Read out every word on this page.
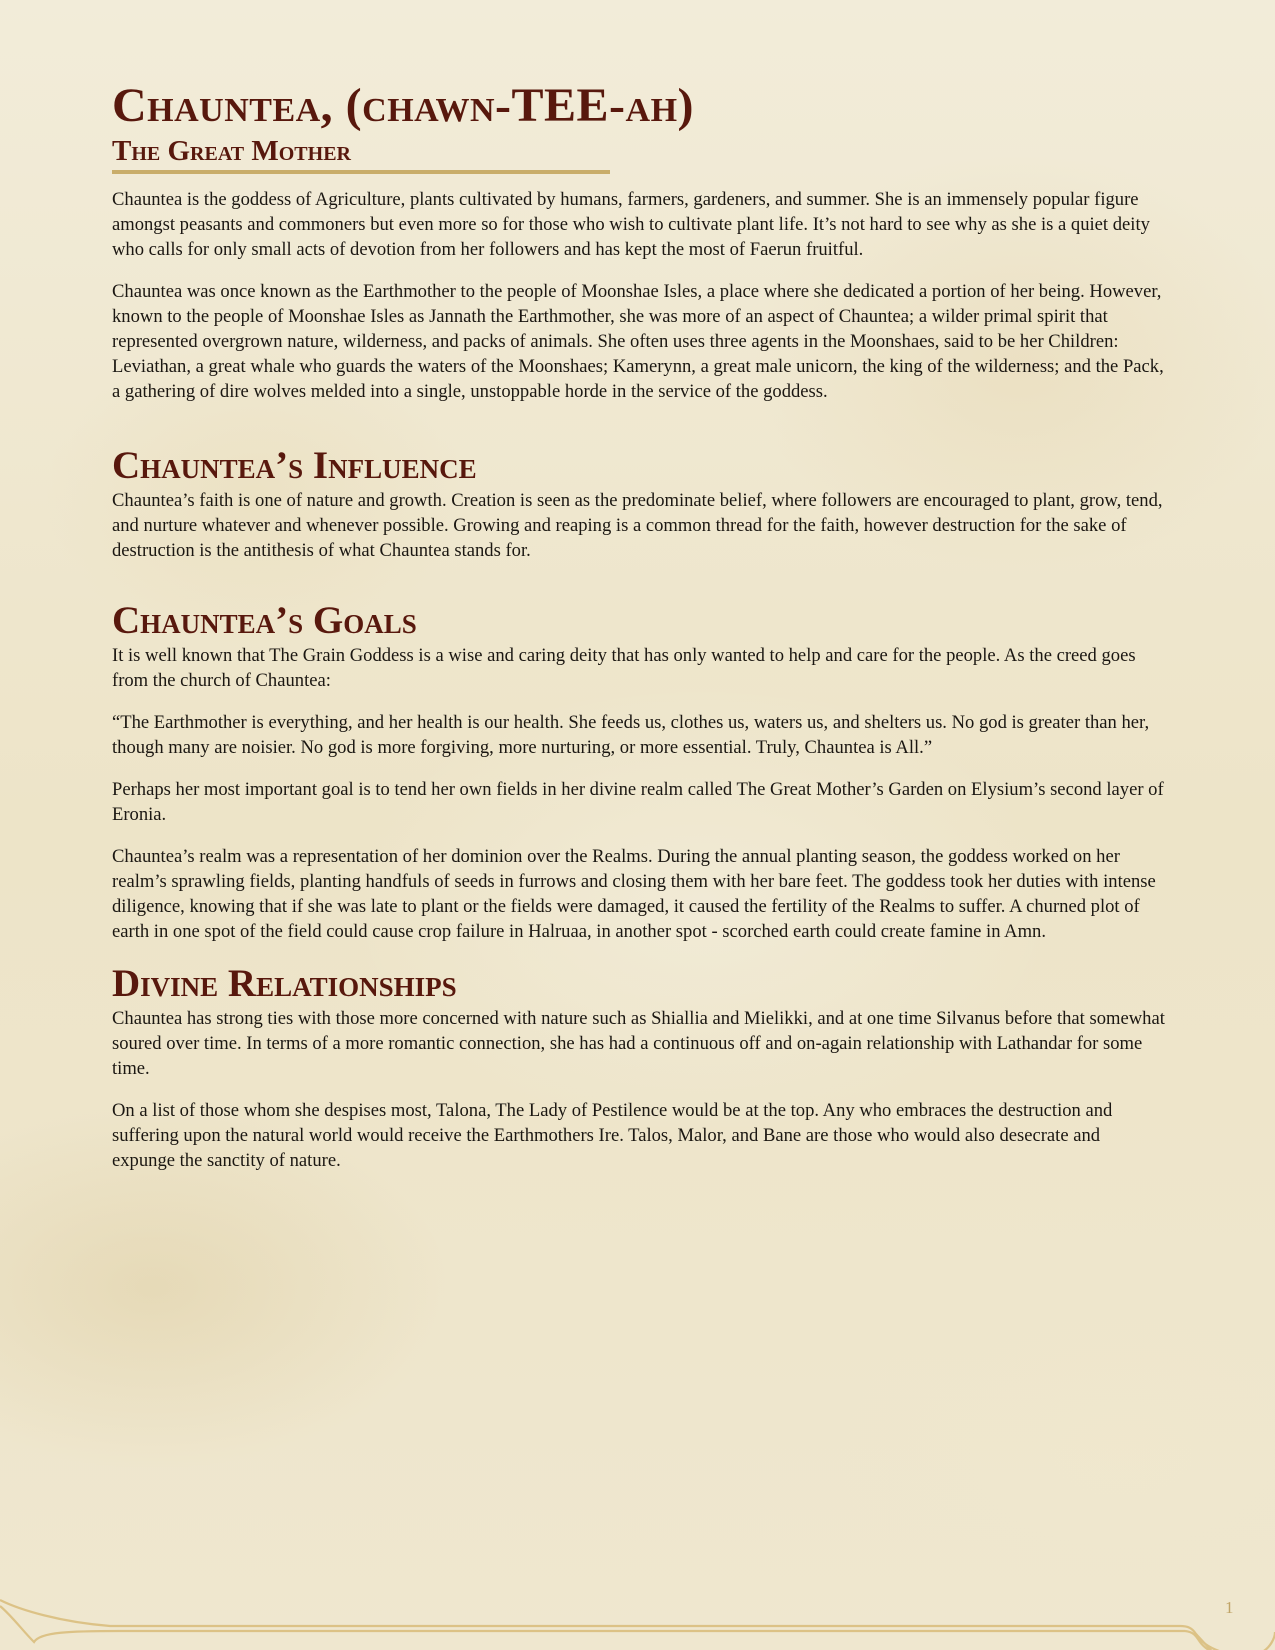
Chauntea, (chawn-TEE-ah)
The Great Mother

Chauntea is the goddess of Agriculture, plants cultivated by humans, farmers, gardeners, and summer. She is an immensely popular figure amongst peasants and commoners but even more so for those who wish to cultivate plant life. It’s not hard to see why as she is a quiet deity who calls for only small acts of devotion from her followers and has kept the most of Faerun fruitful.

Chauntea was once known as the Earthmother to the people of Moonshae Isles, a place where she dedicated a portion of her being. However, known to the people of Moonshae Isles as Jannath the Earthmother, she was more of an aspect of Chauntea; a wilder primal spirit that represented overgrown nature, wilderness, and packs of animals. She often uses three agents in the Moonshaes, said to be her Children: Leviathan, a great whale who guards the waters of the Moonshaes; Kamerynn, a great male unicorn, the king of the wilderness; and the Pack, a gathering of dire wolves melded into a single, unstoppable horde in the service of the goddess.

Chauntea’s Influence

Chauntea’s faith is one of nature and growth. Creation is seen as the predominate belief, where followers are encouraged to plant, grow, tend, and nurture whatever and whenever possible. Growing and reaping is a common thread for the faith, however destruction for the sake of destruction is the antithesis of what Chauntea stands for.

Chauntea’s Goals

It is well known that The Grain Goddess is a wise and caring deity that has only wanted to help and care for the people. As the creed goes from the church of Chauntea:

“The Earthmother is everything, and her health is our health. She feeds us, clothes us, waters us, and shelters us. No god is greater than her, though many are noisier. No god is more forgiving, more nurturing, or more essential. Truly, Chauntea is All.”

Perhaps her most important goal is to tend her own fields in her divine realm called The Great Mother’s Garden on Elysium’s second layer of Eronia.

Chauntea’s realm was a representation of her dominion over the Realms. During the annual planting season, the goddess worked on her realm’s sprawling fields, planting handfuls of seeds in furrows and closing them with her bare feet. The goddess took her duties with intense diligence, knowing that if she was late to plant or the fields were damaged, it caused the fertility of the Realms to suffer. A churned plot of earth in one spot of the field could cause crop failure in Halruaa, in another spot - scorched earth could create famine in Amn.

Divine Relationships

Chauntea has strong ties with those more concerned with nature such as Shiallia and Mielikki, and at one time Silvanus before that somewhat soured over time. In terms of a more romantic connection, she has had a continuous off and on-again relationship with Lathandar for some time.

On a list of those whom she despises most, Talona, The Lady of Pestilence would be at the top. Any who embraces the destruction and suffering upon the natural world would receive the Earthmothers Ire. Talos, Malor, and Bane are those who would also desecrate and expunge the sanctity of nature.

1
